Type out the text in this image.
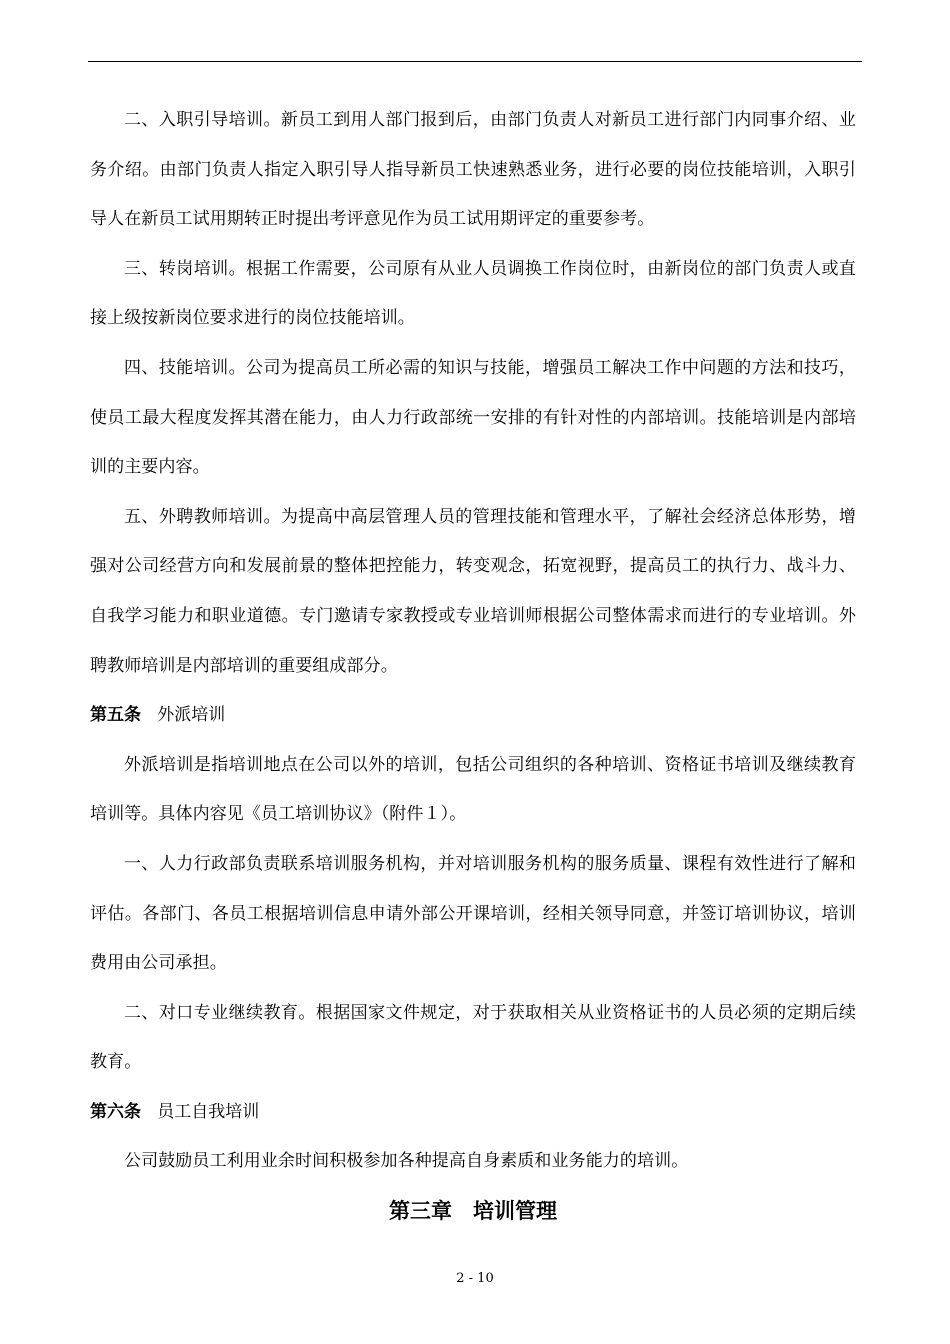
二、入职引导培训。新员工到用人部门报到后，由部门负责人对新员工进行部门内同事介绍、业务介绍。由部门负责人指定入职引导人指导新员工快速熟悉业务，进行必要的岗位技能培训，入职引导人在新员工试用期转正时提出考评意见作为员工试用期评定的重要参考。

三、转岗培训。根据工作需要，公司原有从业人员调换工作岗位时，由新岗位的部门负责人或直接上级按新岗位要求进行的岗位技能培训。

四、技能培训。公司为提高员工所必需的知识与技能，增强员工解决工作中问题的方法和技巧，使员工最大程度发挥其潜在能力，由人力行政部统一安排的有针对性的内部培训。技能培训是内部培训的主要内容。

五、外聘教师培训。为提高中高层管理人员的管理技能和管理水平，了解社会经济总体形势，增强对公司经营方向和发展前景的整体把控能力，转变观念，拓宽视野，提高员工的执行力、战斗力、自我学习能力和职业道德。专门邀请专家教授或专业培训师根据公司整体需求而进行的专业培训。外聘教师培训是内部培训的重要组成部分。

第五条 外派培训

外派培训是指培训地点在公司以外的培训，包括公司组织的各种培训、资格证书培训及继续教育培训等。具体内容见《员工培训协议》（附件１）。

一、人力行政部负责联系培训服务机构，并对培训服务机构的服务质量、课程有效性进行了解和评估。各部门、各员工根据培训信息申请外部公开课培训，经相关领导同意，并签订培训协议，培训费用由公司承担。

二、对口专业继续教育。根据国家文件规定，对于获取相关从业资格证书的人员必须的定期后续教育。

第六条 员工自我培训

公司鼓励员工利用业余时间积极参加各种提高自身素质和业务能力的培训。

第三章　培训管理
2 - 10
